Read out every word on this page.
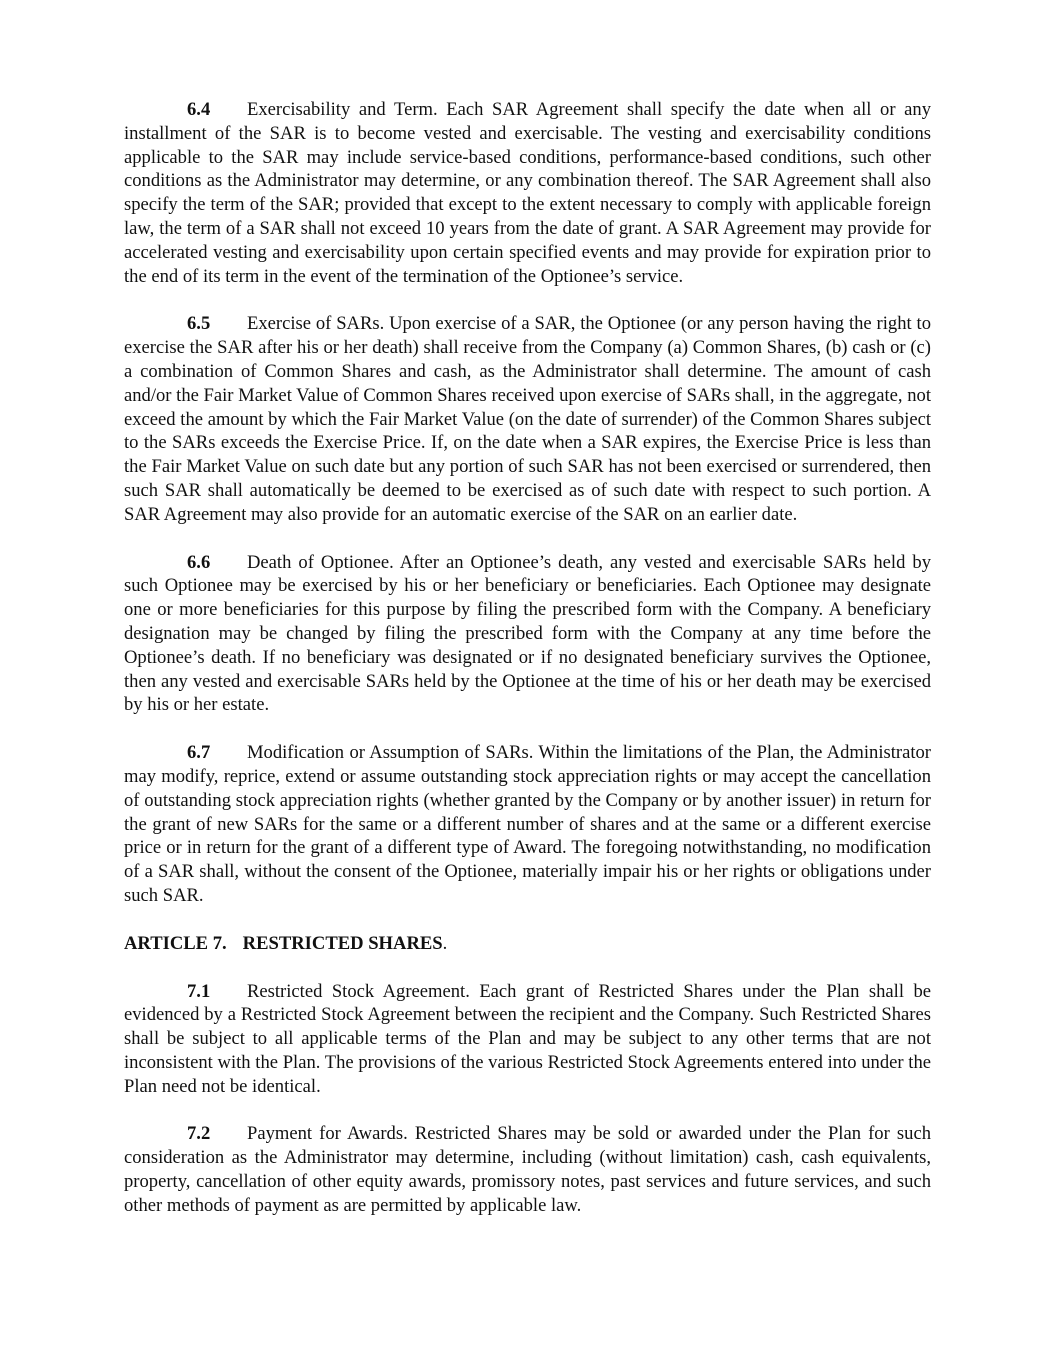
6.4 Exercisability and Term. Each SAR Agreement shall specify the date when all or any installment of the SAR is to become vested and exercisable. The vesting and exercisability conditions applicable to the SAR may include service-based conditions, performance-based conditions, such other conditions as the Administrator may determine, or any combination thereof. The SAR Agreement shall also specify the term of the SAR; provided that except to the extent necessary to comply with applicable foreign law, the term of a SAR shall not exceed 10 years from the date of grant. A SAR Agreement may provide for accelerated vesting and exercisability upon certain specified events and may provide for expiration prior to the end of its term in the event of the termination of the Optionee’s service.

6.5 Exercise of SARs. Upon exercise of a SAR, the Optionee (or any person having the right to exercise the SAR after his or her death) shall receive from the Company (a) Common Shares, (b) cash or (c) a combination of Common Shares and cash, as the Administrator shall determine. The amount of cash and/or the Fair Market Value of Common Shares received upon exercise of SARs shall, in the aggregate, not exceed the amount by which the Fair Market Value (on the date of surrender) of the Common Shares subject to the SARs exceeds the Exercise Price. If, on the date when a SAR expires, the Exercise Price is less than the Fair Market Value on such date but any portion of such SAR has not been exercised or surrendered, then such SAR shall automatically be deemed to be exercised as of such date with respect to such portion. A SAR Agreement may also provide for an automatic exercise of the SAR on an earlier date.

6.6 Death of Optionee. After an Optionee’s death, any vested and exercisable SARs held by such Optionee may be exercised by his or her beneficiary or beneficiaries. Each Optionee may designate one or more beneficiaries for this purpose by filing the prescribed form with the Company. A beneficiary designation may be changed by filing the prescribed form with the Company at any time before the Optionee’s death. If no beneficiary was designated or if no designated beneficiary survives the Optionee, then any vested and exercisable SARs held by the Optionee at the time of his or her death may be exercised by his or her estate.

6.7 Modification or Assumption of SARs. Within the limitations of the Plan, the Administrator may modify, reprice, extend or assume outstanding stock appreciation rights or may accept the cancellation of outstanding stock appreciation rights (whether granted by the Company or by another issuer) in return for the grant of new SARs for the same or a different number of shares and at the same or a different exercise price or in return for the grant of a different type of Award. The foregoing notwithstanding, no modification of a SAR shall, without the consent of the Optionee, materially impair his or her rights or obligations under such SAR.

ARTICLE 7. RESTRICTED SHARES.

7.1 Restricted Stock Agreement. Each grant of Restricted Shares under the Plan shall be evidenced by a Restricted Stock Agreement between the recipient and the Company. Such Restricted Shares shall be subject to all applicable terms of the Plan and may be subject to any other terms that are not inconsistent with the Plan. The provisions of the various Restricted Stock Agreements entered into under the Plan need not be identical.

7.2 Payment for Awards. Restricted Shares may be sold or awarded under the Plan for such consideration as the Administrator may determine, including (without limitation) cash, cash equivalents, property, cancellation of other equity awards, promissory notes, past services and future services, and such other methods of payment as are permitted by applicable law.
